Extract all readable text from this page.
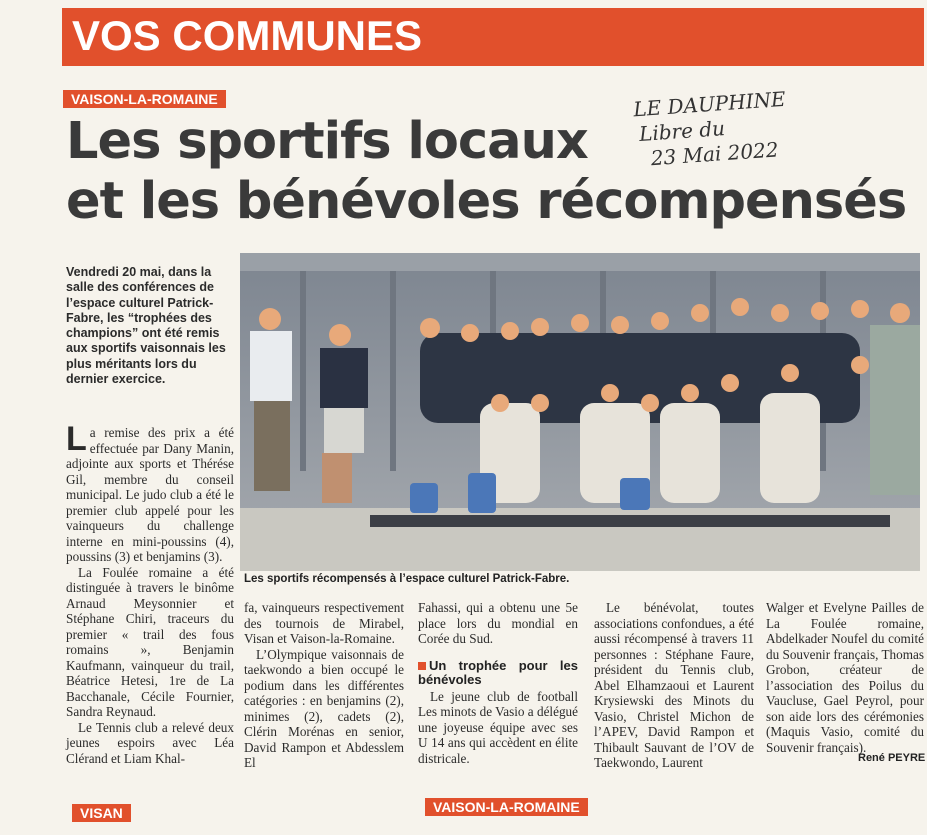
VOS COMMUNES
VAISON-LA-ROMAINE
Les sportifs locaux
et les bénévoles récompensés
LE DAUPHINE
Libre du
23 Mai 2022
Vendredi 20 mai, dans la salle des conférences de l’espace culturel Patrick-Fabre, les “trophées des champions” ont été remis aux sportifs vaisonnais les plus méritants lors du dernier exercice.

La remise des prix a été effectuée par Dany Manin, adjointe aux sports et Thérése Gil, membre du conseil municipal. Le judo club a été le premier club appelé pour les vainqueurs du challenge interne en mini-poussins (4), poussins (3) et benjamins (3).

La Foulée romaine a été distinguée à travers le binôme Arnaud Meysonnier et Stéphane Chiri, traceurs du premier « trail des fous romains », Benjamin Kaufmann, vainqueur du trail, Béatrice Hetesi, 1re de La Bacchanale, Cécile Fournier, Sandra Reynaud.

Le Tennis club a relevé deux jeunes espoirs avec Léa Clérand et Liam Khal-

Les sportifs récompensés à l’espace culturel Patrick-Fabre.

fa, vainqueurs respectivement des tournois de Mirabel, Visan et Vaison-la-Romaine.

L’Olympique vaisonnais de taekwondo a bien occupé le podium dans les différentes catégories : en benjamins (2), minimes (2), cadets (2), Clérin Morénas en senior, David Rampon et Abdesslem El

Fahassi, qui a obtenu une 5e place lors du mondial en Corée du Sud.

Un trophée pour les bénévoles

Le jeune club de football Les minots de Vasio a délégué une joyeuse équipe avec ses U 14 ans qui accèdent en élite districale.

Le bénévolat, toutes associations confondues, a été aussi récompensé à travers 11 personnes : Stéphane Faure, président du Tennis club, Abel Elhamzaoui et Laurent Krysiewski des Minots du Vasio, Christel Michon de l’APEV, David Rampon et Thibault Sauvant de l’OV de Taekwondo, Laurent

Walger et Evelyne Pailles de La Foulée romaine, Abdelkader Noufel du comité du Souvenir français, Thomas Grobon, créateur de l’association des Poilus du Vaucluse, Gael Peyrol, pour son aide lors des cérémonies (Maquis Vasio, comité du Souvenir français).

René PEYRE
VISAN	VAISON-LA-ROMAINE
